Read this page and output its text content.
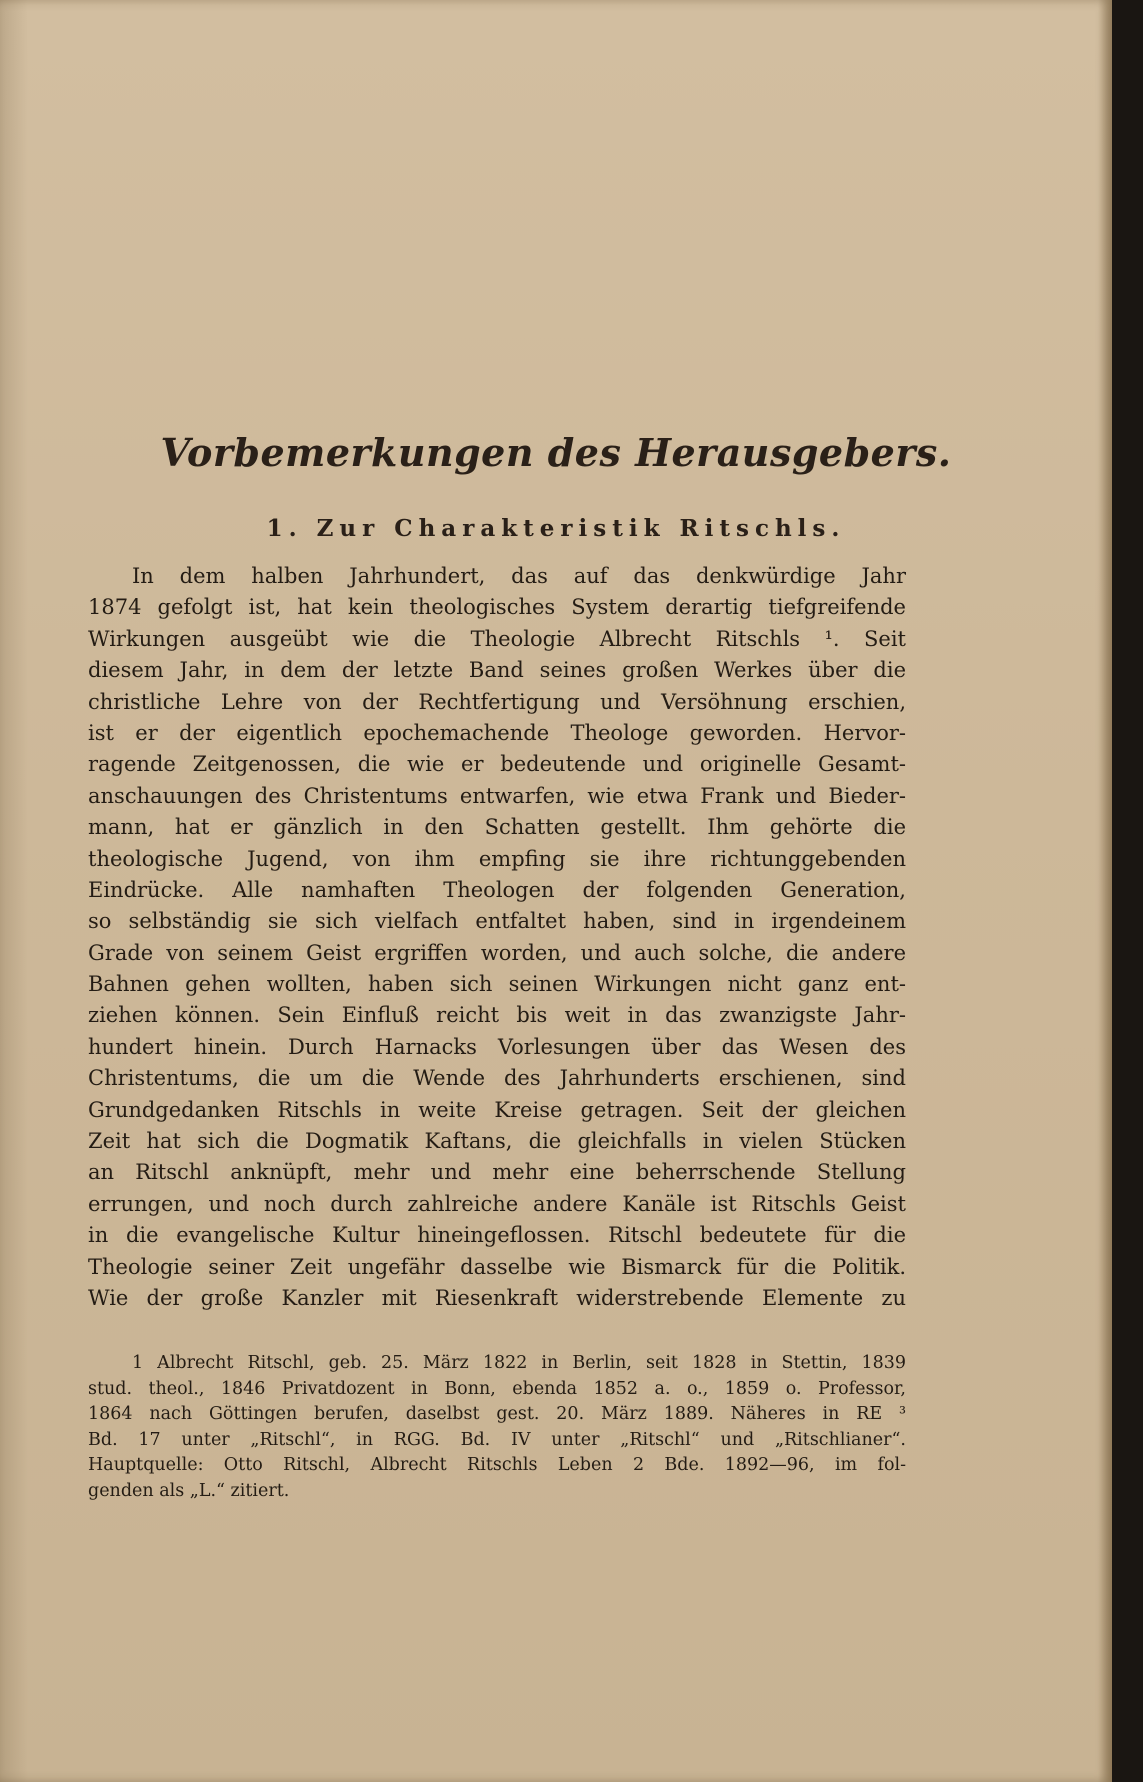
Vorbemerkungen des Herausgebers.
1. Zur Charakteristik Ritschls.
In dem halben Jahrhundert, das auf das denkwürdige Jahr
1874 gefolgt ist, hat kein theologisches System derartig tiefgreifende
Wirkungen ausgeübt wie die Theologie Albrecht Ritschls ¹. Seit
diesem Jahr, in dem der letzte Band seines großen Werkes über die
christliche Lehre von der Rechtfertigung und Versöhnung erschien,
ist er der eigentlich epochemachende Theologe geworden. Hervor-
ragende Zeitgenossen, die wie er bedeutende und originelle Gesamt-
anschauungen des Christentums entwarfen, wie etwa Frank und Bieder-
mann, hat er gänzlich in den Schatten gestellt. Ihm gehörte die
theologische Jugend, von ihm empfing sie ihre richtunggebenden
Eindrücke. Alle namhaften Theologen der folgenden Generation,
so selbständig sie sich vielfach entfaltet haben, sind in irgendeinem
Grade von seinem Geist ergriffen worden, und auch solche, die andere
Bahnen gehen wollten, haben sich seinen Wirkungen nicht ganz ent-
ziehen können. Sein Einfluß reicht bis weit in das zwanzigste Jahr-
hundert hinein. Durch Harnacks Vorlesungen über das Wesen des
Christentums, die um die Wende des Jahrhunderts erschienen, sind
Grundgedanken Ritschls in weite Kreise getragen. Seit der gleichen
Zeit hat sich die Dogmatik Kaftans, die gleichfalls in vielen Stücken
an Ritschl anknüpft, mehr und mehr eine beherrschende Stellung
errungen, und noch durch zahlreiche andere Kanäle ist Ritschls Geist
in die evangelische Kultur hineingeflossen. Ritschl bedeutete für die
Theologie seiner Zeit ungefähr dasselbe wie Bismarck für die Politik.
Wie der große Kanzler mit Riesenkraft widerstrebende Elemente zu
1 Albrecht Ritschl, geb. 25. März 1822 in Berlin, seit 1828 in Stettin, 1839
stud. theol., 1846 Privatdozent in Bonn, ebenda 1852 a. o., 1859 o. Professor,
1864 nach Göttingen berufen, daselbst gest. 20. März 1889. Näheres in RE ³
Bd. 17 unter „Ritschl“, in RGG. Bd. IV unter „Ritschl“ und „Ritschlianer“.
Hauptquelle: Otto Ritschl, Albrecht Ritschls Leben 2 Bde. 1892—96, im fol-
genden als „L.“ zitiert.
